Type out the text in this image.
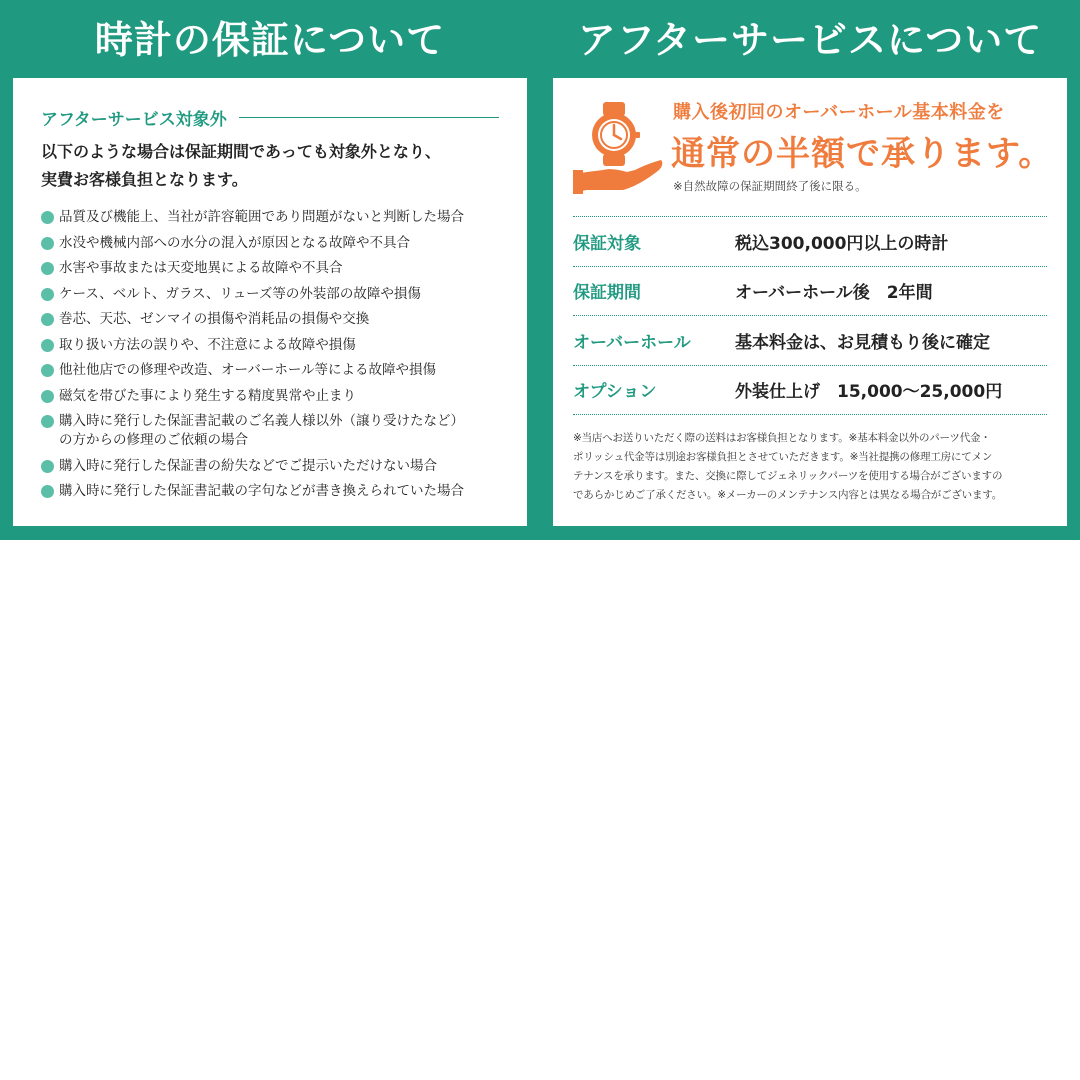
時計の保証について	アフターサービスについて
アフターサービス対象外
以下のような場合は保証期間であっても対象外となり、
実費お客様負担となります。
品質及び機能上、当社が許容範囲であり問題がないと判断した場合
水没や機械内部への水分の混入が原因となる故障や不具合
水害や事故または天変地異による故障や不具合
ケース、ベルト、ガラス、リューズ等の外装部の故障や損傷
巻芯、天芯、ゼンマイの損傷や消耗品の損傷や交換
取り扱い方法の誤りや、不注意による故障や損傷
他社他店での修理や改造、オーバーホール等による故障や損傷
磁気を帯びた事により発生する精度異常や止まり
購入時に発行した保証書記載のご名義人様以外（譲り受けたなど）
の方からの修理のご依頼の場合
購入時に発行した保証書の紛失などでご提示いただけない場合
購入時に発行した保証書記載の字句などが書き換えられていた場合
購入後初回のオーバーホール基本料金を
通常の半額で承ります。
※自然故障の保証期間終了後に限る。
保証対象	税込300,000円以上の時計
保証期間	オーバーホール後　2年間
オーバーホール	基本料金は、お見積もり後に確定
オプション	外装仕上げ　15,000〜25,000円
※当店へお送りいただく際の送料はお客様負担となります。※基本料金以外のパーツ代金・
ポリッシュ代金等は別途お客様負担とさせていただきます。※当社提携の修理工房にてメン
テナンスを承ります。また、交換に際してジェネリックパーツを使用する場合がございますの
であらかじめご了承ください。※メーカーのメンテナンス内容とは異なる場合がございます。
